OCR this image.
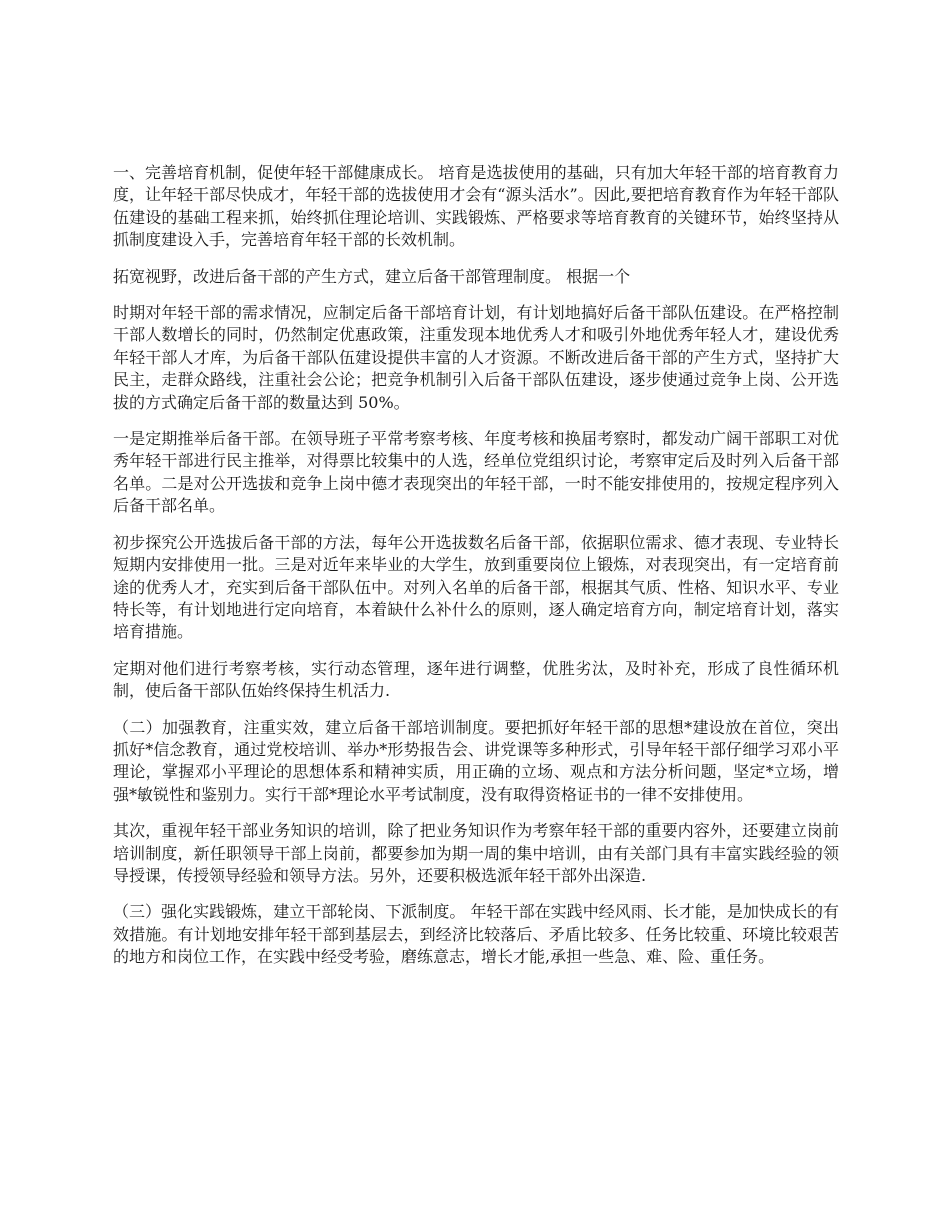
一、完善培育机制，促使年轻干部健康成长。 培育是选拔使用的基础，只有加大年轻干部的培育教育力度，让年轻干部尽快成才，年轻干部的选拔使用才会有“源头活水”。因此,要把培育教育作为年轻干部队伍建设的基础工程来抓，始终抓住理论培训、实践锻炼、严格要求等培育教育的关键环节，始终坚持从抓制度建设入手，完善培育年轻干部的长效机制。

拓宽视野，改进后备干部的产生方式，建立后备干部管理制度。 根据一个

时期对年轻干部的需求情况，应制定后备干部培育计划，有计划地搞好后备干部队伍建设。在严格控制干部人数增长的同时，仍然制定优惠政策，注重发现本地优秀人才和吸引外地优秀年轻人才，建设优秀年轻干部人才库，为后备干部队伍建设提供丰富的人才资源。不断改进后备干部的产生方式，坚持扩大民主，走群众路线，注重社会公论；把竞争机制引入后备干部队伍建设，逐步使通过竞争上岗、公开选拔的方式确定后备干部的数量达到 50%。

一是定期推举后备干部。在领导班子平常考察考核、年度考核和换届考察时，都发动广阔干部职工对优秀年轻干部进行民主推举，对得票比较集中的人选，经单位党组织讨论，考察审定后及时列入后备干部名单。二是对公开选拔和竞争上岗中德才表现突出的年轻干部，一时不能安排使用的，按规定程序列入后备干部名单。

初步探究公开选拔后备干部的方法，每年公开选拔数名后备干部，依据职位需求、德才表现、专业特长短期内安排使用一批。三是对近年来毕业的大学生，放到重要岗位上锻炼，对表现突出，有一定培育前途的优秀人才，充实到后备干部队伍中。对列入名单的后备干部，根据其气质、性格、知识水平、专业特长等，有计划地进行定向培育，本着缺什么补什么的原则，逐人确定培育方向，制定培育计划，落实培育措施。

定期对他们进行考察考核，实行动态管理，逐年进行调整，优胜劣汰，及时补充，形成了良性循环机制，使后备干部队伍始终保持生机活力.

（二）加强教育，注重实效，建立后备干部培训制度。要把抓好年轻干部的思想*建设放在首位，突出抓好*信念教育，通过党校培训、举办*形势报告会、讲党课等多种形式，引导年轻干部仔细学习邓小平理论，掌握邓小平理论的思想体系和精神实质，用正确的立场、观点和方法分析问题，坚定*立场，增强*敏锐性和鉴别力。实行干部*理论水平考试制度，没有取得资格证书的一律不安排使用。

其次，重视年轻干部业务知识的培训，除了把业务知识作为考察年轻干部的重要内容外，还要建立岗前培训制度，新任职领导干部上岗前，都要参加为期一周的集中培训，由有关部门具有丰富实践经验的领导授课，传授领导经验和领导方法。另外，还要积极选派年轻干部外出深造.

（三）强化实践锻炼，建立干部轮岗、下派制度。 年轻干部在实践中经风雨、长才能，是加快成长的有效措施。有计划地安排年轻干部到基层去，到经济比较落后、矛盾比较多、任务比较重、环境比较艰苦的地方和岗位工作，在实践中经受考验，磨练意志，增长才能,承担一些急、难、险、重任务。
